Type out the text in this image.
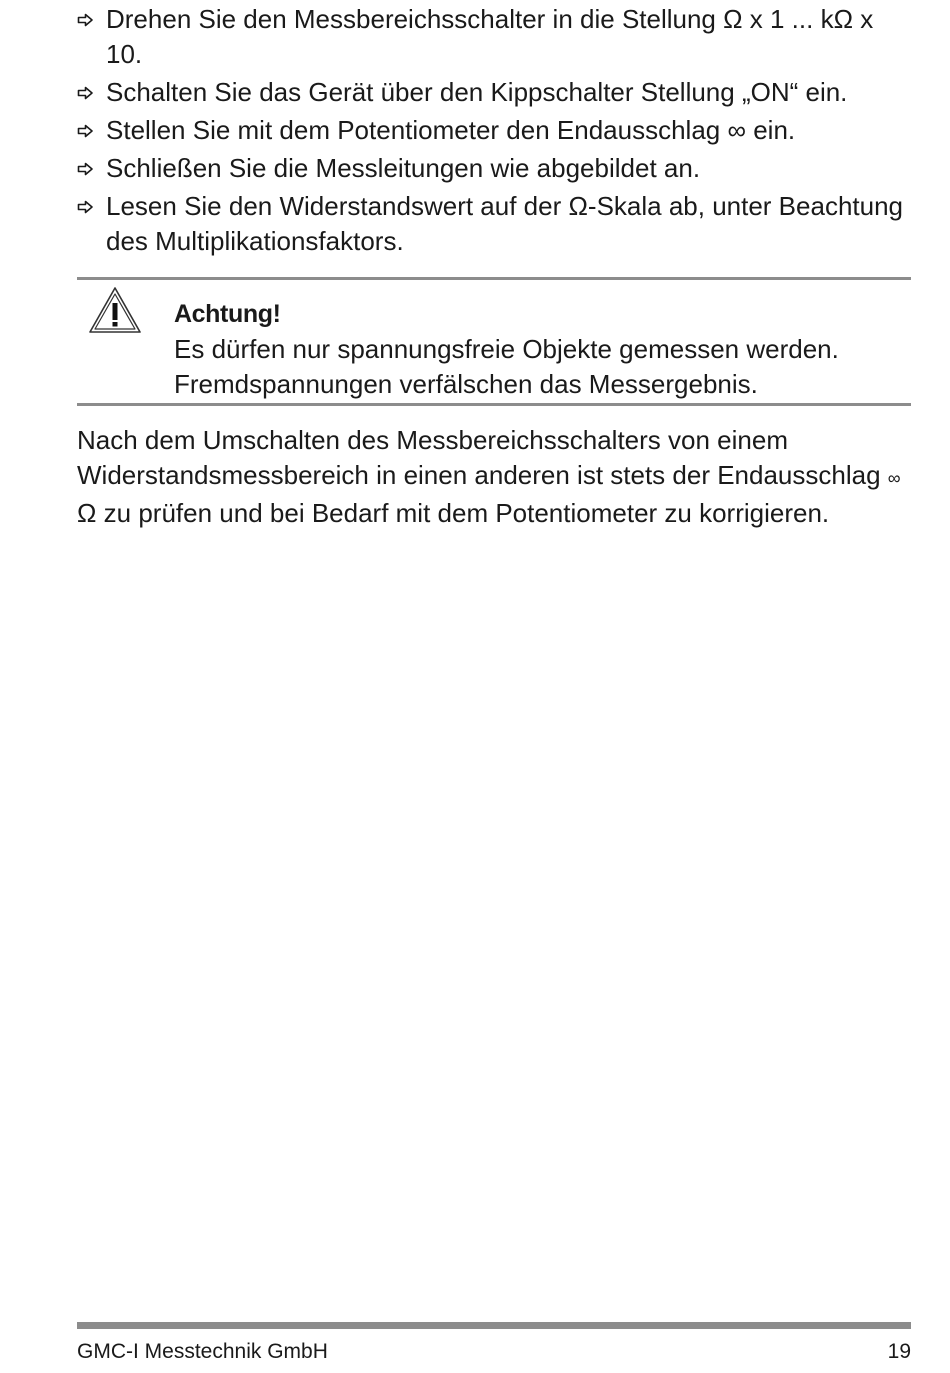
Drehen Sie den Messbereichsschalter in die Stellung Ω x 1 ... kΩ x 10.
Schalten Sie das Gerät über den Kippschalter Stellung „ON“ ein.
Stellen Sie mit dem Potentiometer den Endausschlag ∞ ein.
Schließen Sie die Messleitungen wie abgebildet an.
Lesen Sie den Widerstandswert auf der Ω-Skala ab, unter Beachtung des Multiplikationsfaktors.
Achtung!
Es dürfen nur spannungsfreie Objekte gemessen werden.
Fremdspannungen verfälschen das Messergebnis.

Nach dem Umschalten des Messbereichsschalters von einem Widerstandsmessbereich in einen anderen ist stets der Endausschlag ∞ Ω zu prüfen und bei Bedarf mit dem Potentiometer zu korrigieren.

GMC-I Messtechnik GmbH	19
